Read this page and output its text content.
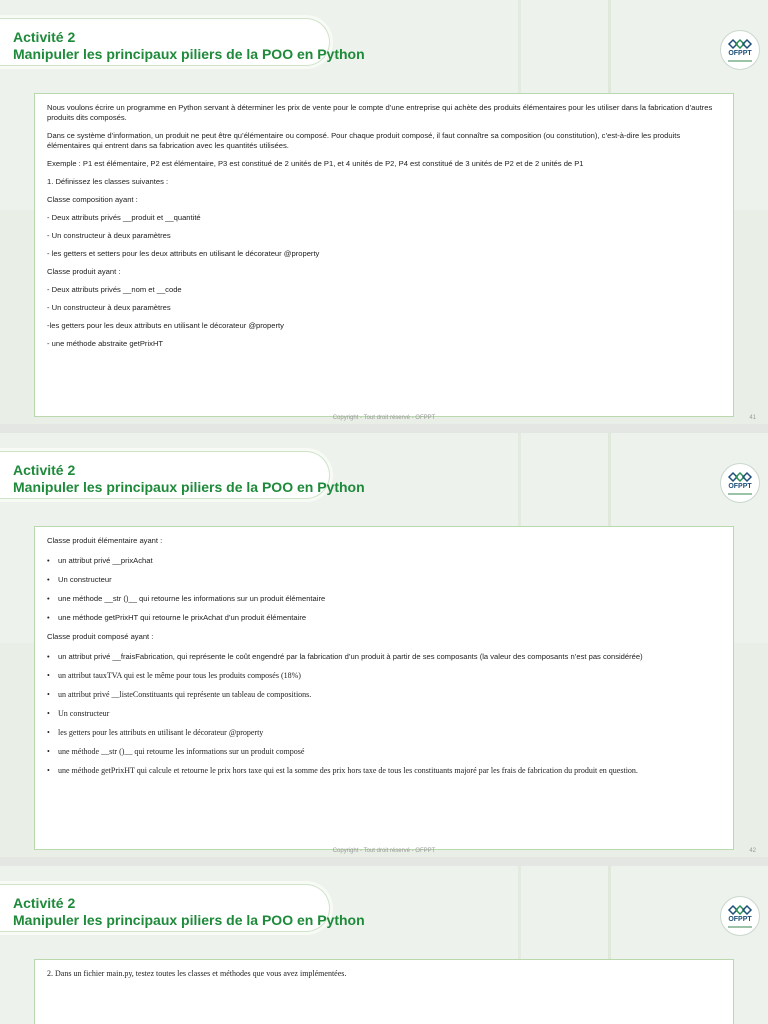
Activité 2
Manipuler les principaux piliers de la POO en Python	OFPPT

Nous voulons écrire un programme en Python servant à déterminer les prix de vente pour le compte d’une entreprise qui achète des produits élémentaires pour les utiliser dans la fabrication d’autres produits dits composés.

Dans ce système d’information, un produit ne peut être qu’élémentaire ou composé. Pour chaque produit composé, il faut connaître sa composition (ou constitution), c’est-à-dire les produits élémentaires qui entrent dans sa fabrication avec les quantités utilisées.

Exemple : P1 est élémentaire, P2 est élémentaire, P3 est constitué de 2 unités de P1, et 4 unités de P2, P4 est constitué de 3 unités de P2 et de 2 unités de P1

1. Définissez les classes suivantes :

Classe composition ayant :

- Deux attributs privés __produit et __quantité

- Un constructeur à deux paramètres

- les getters et setters pour les deux attributs en utilisant le décorateur @property

Classe produit ayant :

- Deux attributs privés __nom et __code

- Un constructeur à deux paramètres

-les getters pour les deux attributs en utilisant le décorateur @property

- une méthode abstraite getPrixHT

Copyright - Tout droit réservé - OFPPT	41
Activité 2
Manipuler les principaux piliers de la POO en Python	OFPPT

Classe produit élémentaire ayant :

• un attribut privé __prixAchat
• Un constructeur
• une méthode __str ()__ qui retourne les informations sur un produit élémentaire
• une méthode getPrixHT qui retourne le prixAchat d’un produit élémentaire

Classe produit composé ayant :

• un attribut privé __fraisFabrication, qui représente le coût engendré par la fabrication d’un produit à partir de ses composants (la valeur des composants n’est pas considérée)
• un attribut tauxTVA qui est le même pour tous les produits composés (18%)
• un attribut privé __listeConstituants qui représente un tableau de compositions.
• Un constructeur
• les getters pour les attributs en utilisant le décorateur @property
• une méthode __str ()__ qui retourne les informations sur un produit composé
• une méthode getPrixHT qui calcule et retourne le prix hors taxe qui est la somme des prix hors taxe de tous les constituants majoré par les frais de fabrication du produit en question.
Copyright - Tout droit réservé - OFPPT	42
Activité 2
Manipuler les principaux piliers de la POO en Python	OFPPT

2. Dans un fichier main.py, testez toutes les classes et méthodes que vous avez implémentées.
